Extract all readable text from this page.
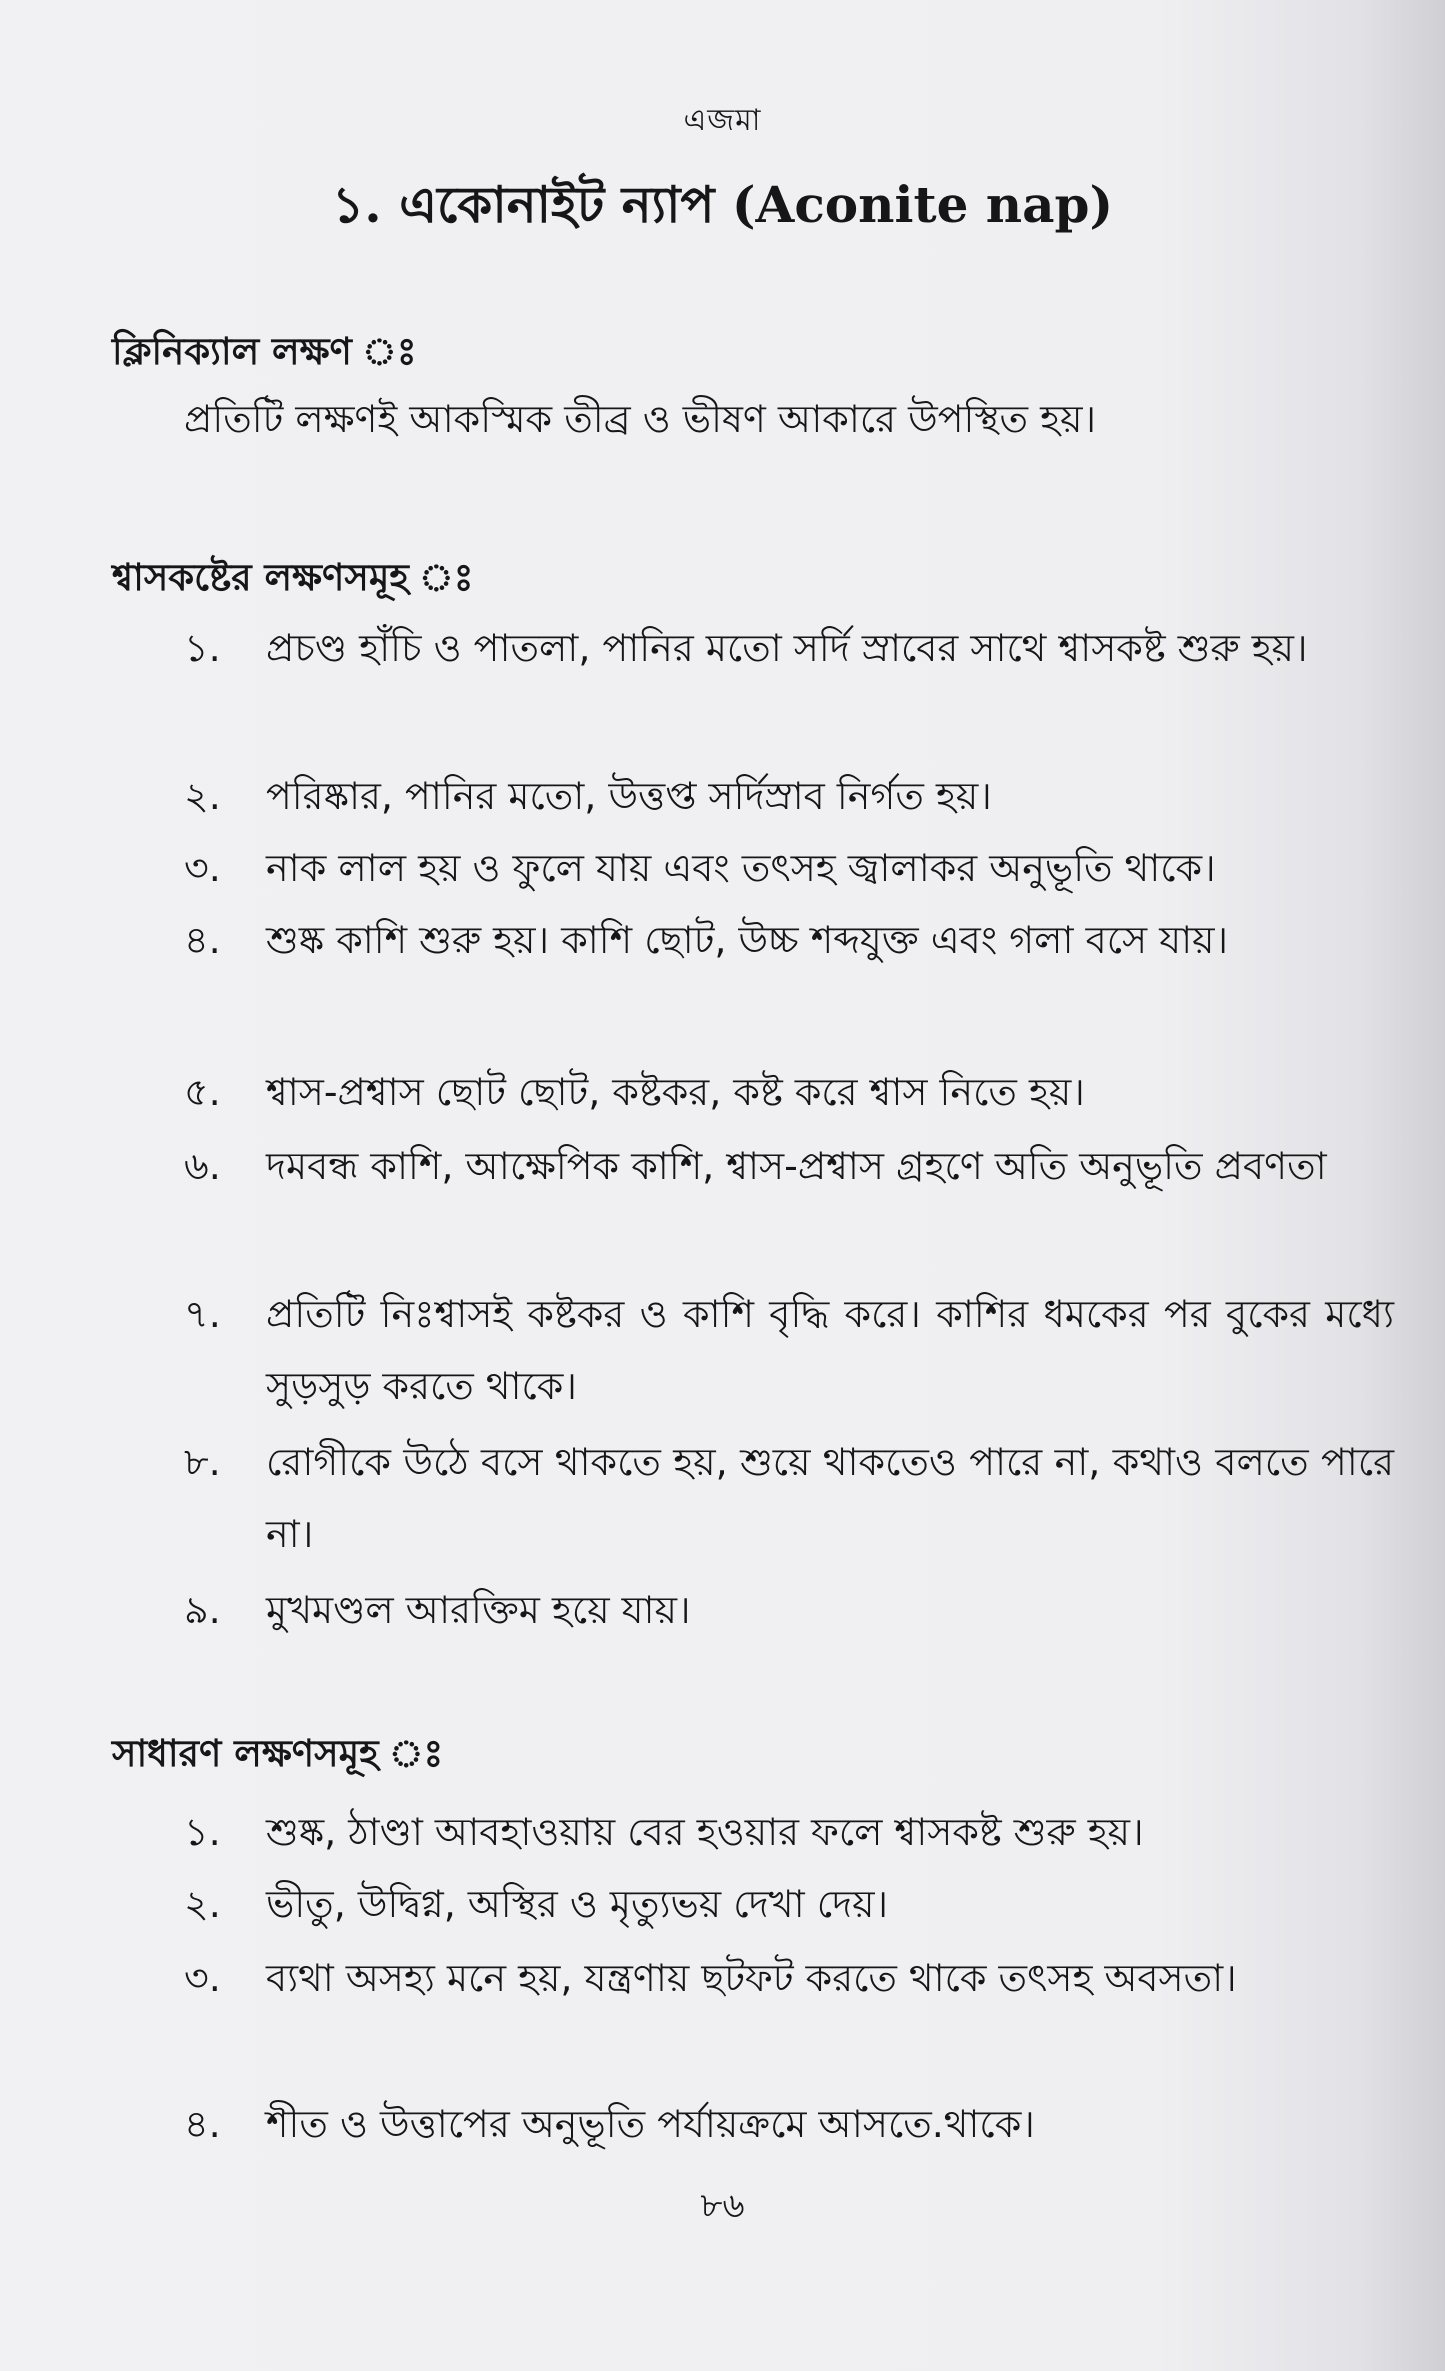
এজমা
১. একোনাইট ন্যাপ (Aconite nap)
ক্লিনিক্যাল লক্ষণ ঃ
প্রতিটি লক্ষণই আকস্মিক তীব্র ও ভীষণ আকারে উপস্থিত হয়।
শ্বাসকষ্টের লক্ষণসমূহ ঃ
১.	প্রচণ্ড হাঁচি ও পাতলা, পানির মতো সর্দি স্রাবের সাথে শ্বাসকষ্ট শুরু হয়।
২.	পরিষ্কার, পানির মতো, উত্তপ্ত সর্দিস্রাব নির্গত হয়।
৩.	নাক লাল হয় ও ফুলে যায় এবং তৎসহ জ্বালাকর অনুভূতি থাকে।
৪.	শুষ্ক কাশি শুরু হয়। কাশি ছোট, উচ্চ শব্দযুক্ত এবং গলা বসে যায়।
৫.	শ্বাস-প্রশ্বাস ছোট ছোট, কষ্টকর, কষ্ট করে শ্বাস নিতে হয়।
৬.	দমবন্ধ কাশি, আক্ষেপিক কাশি, শ্বাস-প্রশ্বাস গ্রহণে অতি অনুভূতি প্রবণতা
৭.	প্রতিটি নিঃশ্বাসই কষ্টকর ও কাশি বৃদ্ধি করে। কাশির ধমকের পর বুকের মধ্যে সুড়সুড় করতে থাকে।
৮.	রোগীকে উঠে বসে থাকতে হয়, শুয়ে থাকতেও পারে না, কথাও বলতে পারে না।
৯.	মুখমণ্ডল আরক্তিম হয়ে যায়।
সাধারণ লক্ষণসমূহ ঃ
১.	শুষ্ক, ঠাণ্ডা আবহাওয়ায় বের হওয়ার ফলে শ্বাসকষ্ট শুরু হয়।
২.	ভীতু, উদ্বিগ্ন, অস্থির ও মৃত্যুভয় দেখা দেয়।
৩.	ব্যথা অসহ্য মনে হয়, যন্ত্রণায় ছটফট করতে থাকে তৎসহ অবসতা।
৪.	শীত ও উত্তাপের অনুভূতি পর্যায়ক্রমে আসতে.থাকে।
৮৬
